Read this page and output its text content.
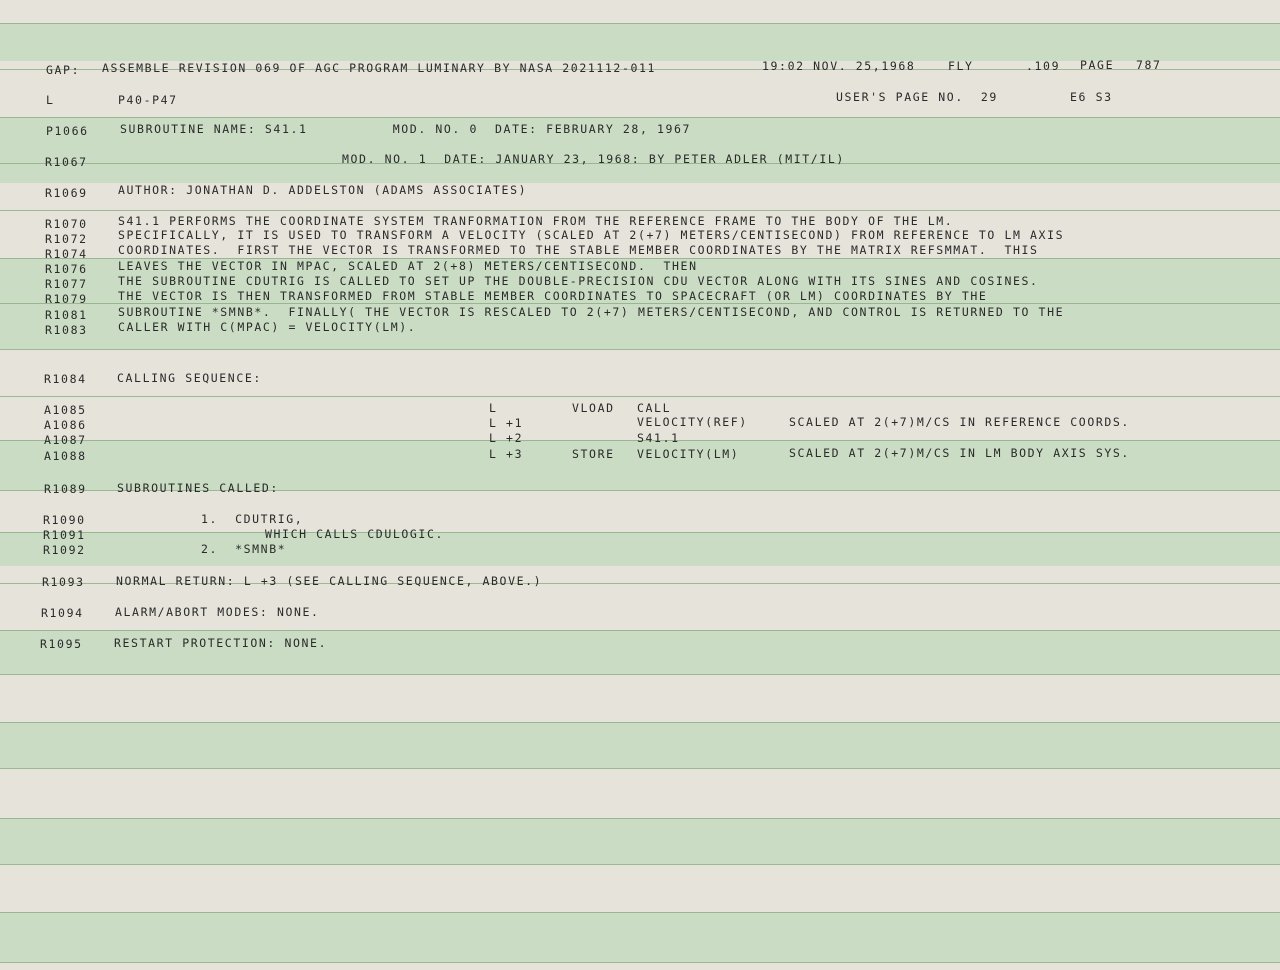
GAP: ASSEMBLE REVISION 069 OF AGC PROGRAM LUMINARY BY NASA 2021112-011	19:02 NOV. 25,1968	FLY	.109 PAGE 787
L	P40-P47	USER'S PAGE NO.  29	E6 S3
P1066	SUBROUTINE NAME: S41.1          MOD. NO. 0  DATE: FEBRUARY 28, 1967
R1067	MOD. NO. 1  DATE: JANUARY 23, 1968: BY PETER ADLER (MIT/IL)
R1069	AUTHOR: JONATHAN D. ADDELSTON (ADAMS ASSOCIATES)
R1070	S41.1 PERFORMS THE COORDINATE SYSTEM TRANFORMATION FROM THE REFERENCE FRAME TO THE BODY OF THE LM.
R1072	SPECIFICALLY, IT IS USED TO TRANSFORM A VELOCITY (SCALED AT 2(+7) METERS/CENTISECOND) FROM REFERENCE TO LM AXIS
R1074	COORDINATES.  FIRST THE VECTOR IS TRANSFORMED TO THE STABLE MEMBER COORDINATES BY THE MATRIX REFSMMAT.  THIS
R1076	LEAVES THE VECTOR IN MPAC, SCALED AT 2(+8) METERS/CENTISECOND.  THEN
R1077	THE SUBROUTINE CDUTRIG IS CALLED TO SET UP THE DOUBLE-PRECISION CDU VECTOR ALONG WITH ITS SINES AND COSINES.
R1079	THE VECTOR IS THEN TRANSFORMED FROM STABLE MEMBER COORDINATES TO SPACECRAFT (OR LM) COORDINATES BY THE
R1081	SUBROUTINE *SMNB*.  FINALLY( THE VECTOR IS RESCALED TO 2(+7) METERS/CENTISECOND, AND CONTROL IS RETURNED TO THE
R1083	CALLER WITH C(MPAC) = VELOCITY(LM).
R1084	CALLING SEQUENCE:
A1085	L	VLOAD CALL
A1086	L +1	VELOCITY(REF)	SCALED AT 2(+7)M/CS IN REFERENCE COORDS.
A1087	L +2	S41.1
A1088	L +3	STORE VELOCITY(LM)	SCALED AT 2(+7)M/CS IN LM BODY AXIS SYS.
R1089	SUBROUTINES CALLED:
R1090	1.  CDUTRIG,
R1091	WHICH CALLS CDULOGIC.
R1092	2.  *SMNB*
R1093	NORMAL RETURN: L +3 (SEE CALLING SEQUENCE, ABOVE.)
R1094	ALARM/ABORT MODES: NONE.
R1095	RESTART PROTECTION: NONE.
